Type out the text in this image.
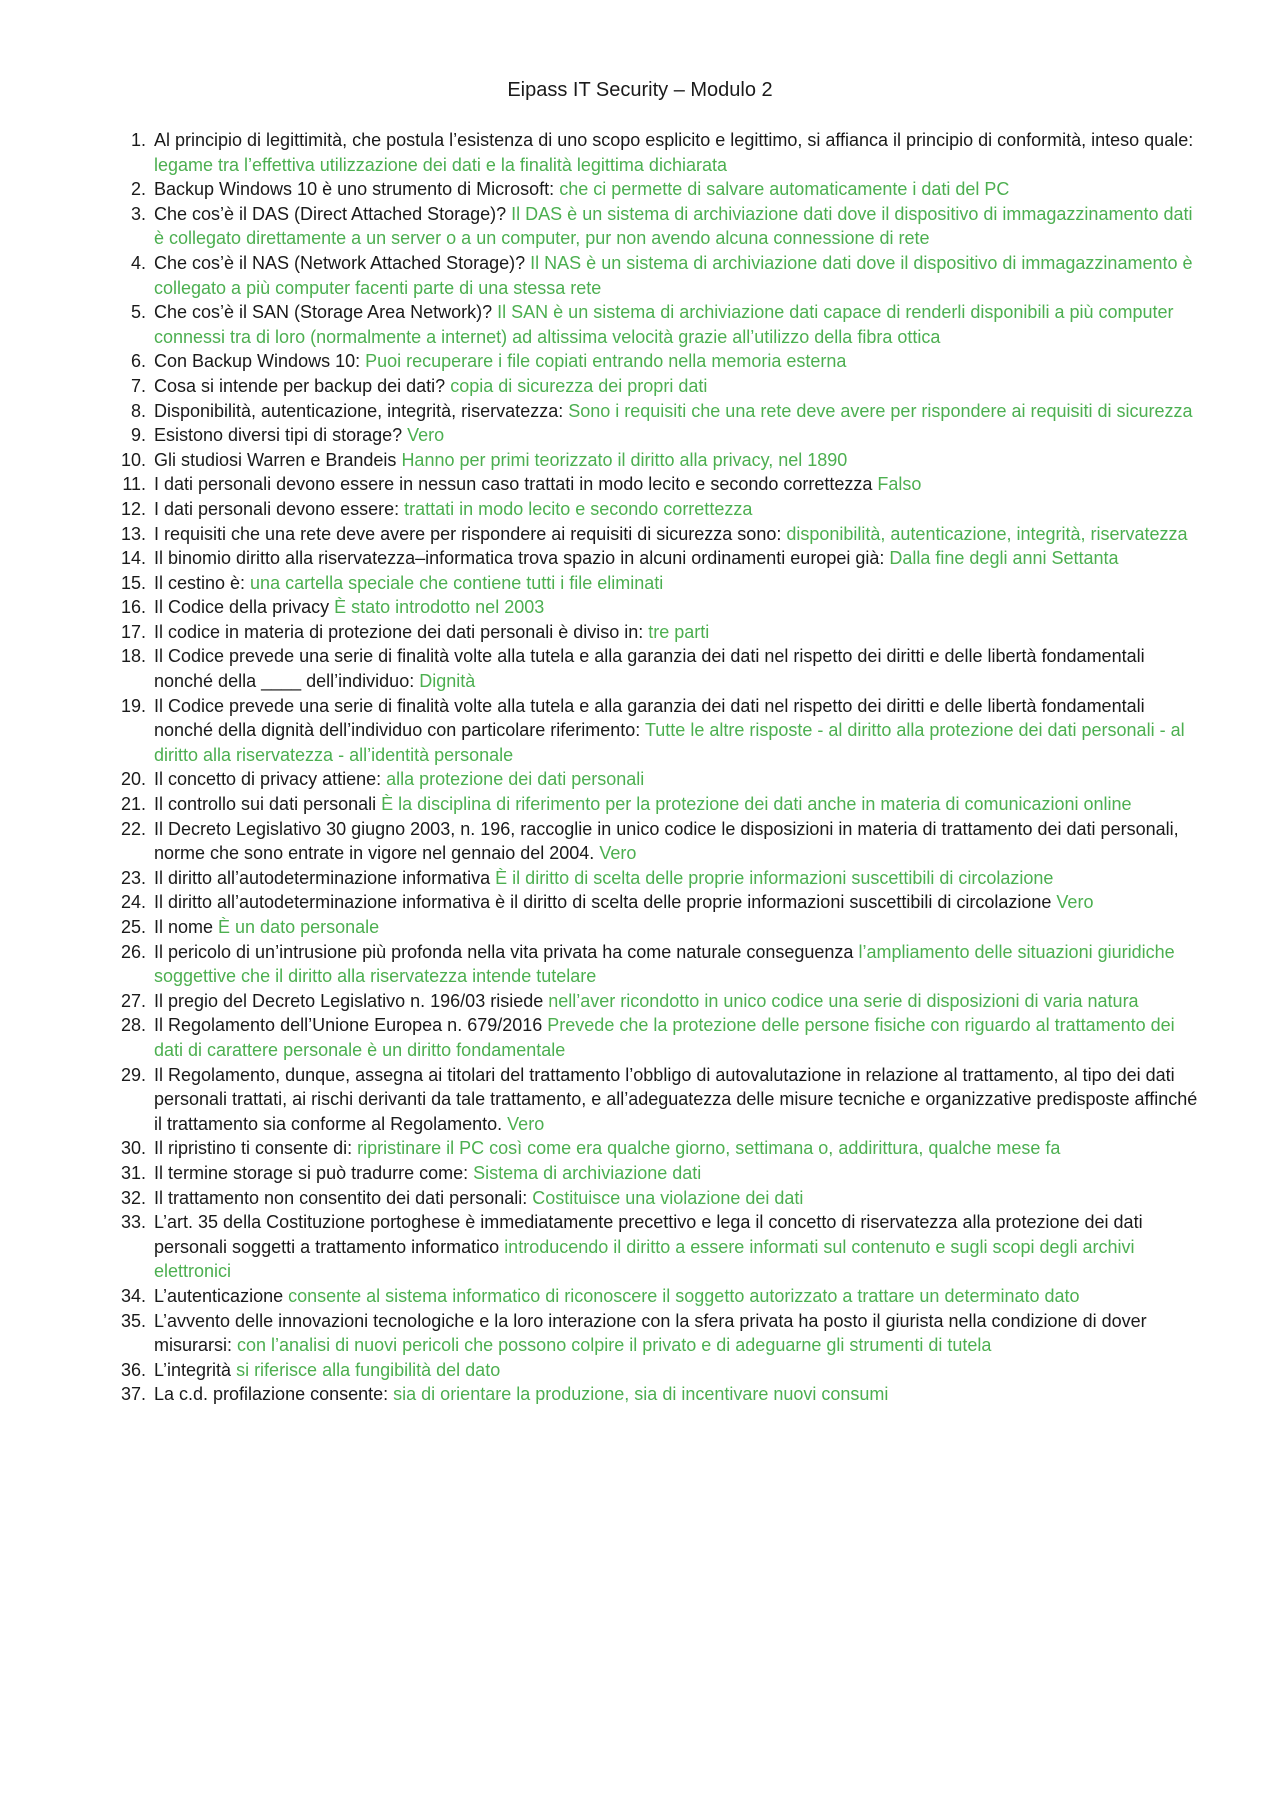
Eipass IT Security – Modulo 2
1. Al principio di legittimità, che postula l’esistenza di uno scopo esplicito e legittimo, si affianca il principio di conformità, inteso quale: legame tra l’effettiva utilizzazione dei dati e la finalità legittima dichiarata
2. Backup Windows 10 è uno strumento di Microsoft: che ci permette di salvare automaticamente i dati del PC
3. Che cos’è il DAS (Direct Attached Storage)? Il DAS è un sistema di archiviazione dati dove il dispositivo di immagazzinamento dati è collegato direttamente a un server o a un computer, pur non avendo alcuna connessione di rete
4. Che cos’è il NAS (Network Attached Storage)? Il NAS è un sistema di archiviazione dati dove il dispositivo di immagazzinamento è collegato a più computer facenti parte di una stessa rete
5. Che cos’è il SAN (Storage Area Network)? Il SAN è un sistema di archiviazione dati capace di renderli disponibili a più computer connessi tra di loro (normalmente a internet) ad altissima velocità grazie all’utilizzo della fibra ottica
6. Con Backup Windows 10: Puoi recuperare i file copiati entrando nella memoria esterna
7. Cosa si intende per backup dei dati? copia di sicurezza dei propri dati
8. Disponibilità, autenticazione, integrità, riservatezza: Sono i requisiti che una rete deve avere per rispondere ai requisiti di sicurezza
9. Esistono diversi tipi di storage? Vero
10. Gli studiosi Warren e Brandeis Hanno per primi teorizzato il diritto alla privacy, nel 1890
11. I dati personali devono essere in nessun caso trattati in modo lecito e secondo correttezza Falso
12. I dati personali devono essere: trattati in modo lecito e secondo correttezza
13. I requisiti che una rete deve avere per rispondere ai requisiti di sicurezza sono: disponibilità, autenticazione, integrità, riservatezza
14. Il binomio diritto alla riservatezza–informatica trova spazio in alcuni ordinamenti europei già: Dalla fine degli anni Settanta
15. Il cestino è: una cartella speciale che contiene tutti i file eliminati
16. Il Codice della privacy È stato introdotto nel 2003
17. Il codice in materia di protezione dei dati personali è diviso in: tre parti
18. Il Codice prevede una serie di finalità volte alla tutela e alla garanzia dei dati nel rispetto dei diritti e delle libertà fondamentali nonché della ____ dell’individuo: Dignità
19. Il Codice prevede una serie di finalità volte alla tutela e alla garanzia dei dati nel rispetto dei diritti e delle libertà fondamentali nonché della dignità dell’individuo con particolare riferimento: Tutte le altre risposte - al diritto alla protezione dei dati personali - al diritto alla riservatezza - all’identità personale
20. Il concetto di privacy attiene: alla protezione dei dati personali
21. Il controllo sui dati personali È la disciplina di riferimento per la protezione dei dati anche in materia di comunicazioni online
22. Il Decreto Legislativo 30 giugno 2003, n. 196, raccoglie in unico codice le disposizioni in materia di trattamento dei dati personali, norme che sono entrate in vigore nel gennaio del 2004. Vero
23. Il diritto all’autodeterminazione informativa È il diritto di scelta delle proprie informazioni suscettibili di circolazione
24. Il diritto all’autodeterminazione informativa è il diritto di scelta delle proprie informazioni suscettibili di circolazione Vero
25. Il nome È un dato personale
26. Il pericolo di un’intrusione più profonda nella vita privata ha come naturale conseguenza l’ampliamento delle situazioni giuridiche soggettive che il diritto alla riservatezza intende tutelare
27. Il pregio del Decreto Legislativo n. 196/03 risiede nell’aver ricondotto in unico codice una serie di disposizioni di varia natura
28. Il Regolamento dell’Unione Europea n. 679/2016 Prevede che la protezione delle persone fisiche con riguardo al trattamento dei dati di carattere personale è un diritto fondamentale
29. Il Regolamento, dunque, assegna ai titolari del trattamento l’obbligo di autovalutazione in relazione al trattamento, al tipo dei dati personali trattati, ai rischi derivanti da tale trattamento, e all’adeguatezza delle misure tecniche e organizzative predisposte affinché il trattamento sia conforme al Regolamento. Vero
30. Il ripristino ti consente di: ripristinare il PC così come era qualche giorno, settimana o, addirittura, qualche mese fa
31. Il termine storage si può tradurre come: Sistema di archiviazione dati
32. Il trattamento non consentito dei dati personali: Costituisce una violazione dei dati
33. L’art. 35 della Costituzione portoghese è immediatamente precettivo e lega il concetto di riservatezza alla protezione dei dati personali soggetti a trattamento informatico introducendo il diritto a essere informati sul contenuto e sugli scopi degli archivi elettronici
34. L’autenticazione consente al sistema informatico di riconoscere il soggetto autorizzato a trattare un determinato dato
35. L’avvento delle innovazioni tecnologiche e la loro interazione con la sfera privata ha posto il giurista nella condizione di dover misurarsi: con l’analisi di nuovi pericoli che possono colpire il privato e di adeguarne gli strumenti di tutela
36. L’integrità si riferisce alla fungibilità del dato
37. La c.d. profilazione consente: sia di orientare la produzione, sia di incentivare nuovi consumi
